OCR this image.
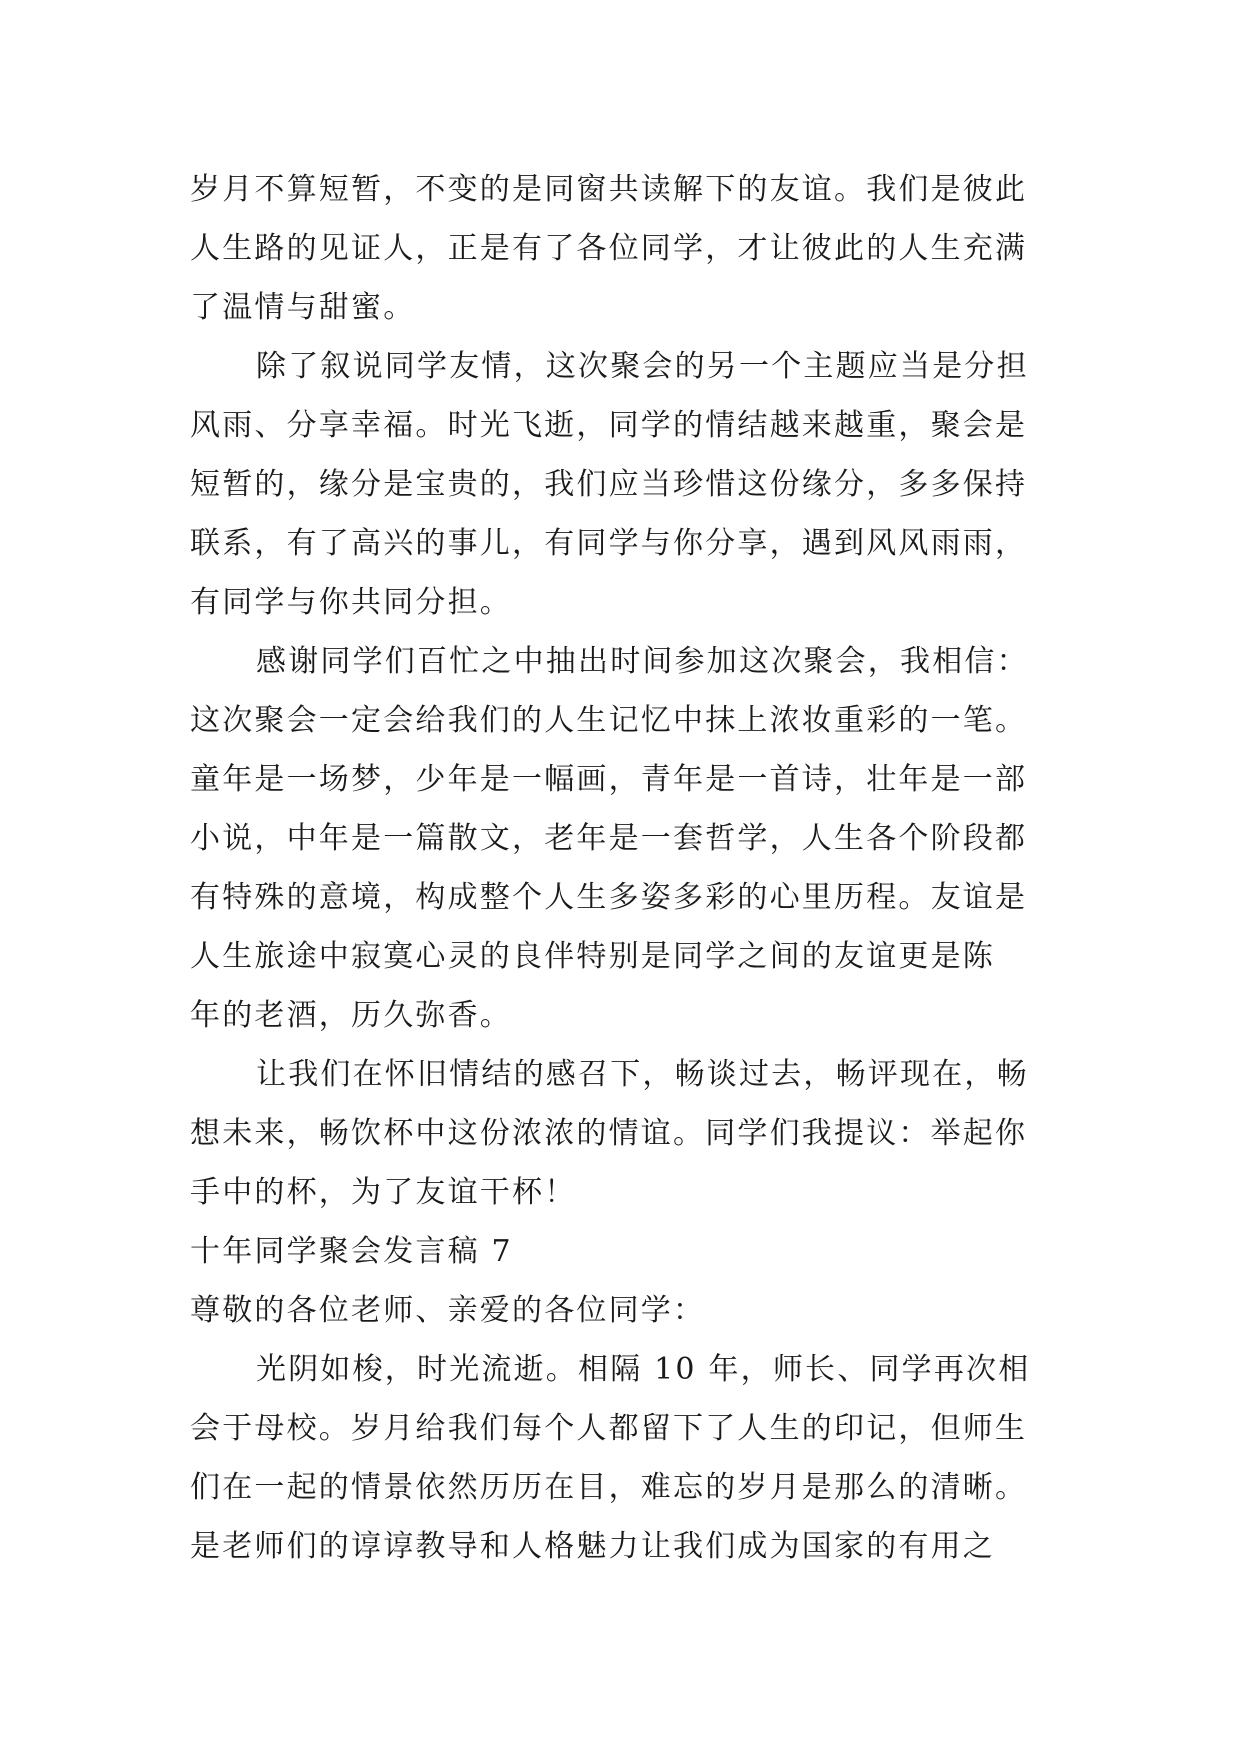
岁月不算短暂，不变的是同窗共读解下的友谊。我们是彼此
人生路的见证人，正是有了各位同学，才让彼此的人生充满
了温情与甜蜜。
除了叙说同学友情，这次聚会的另一个主题应当是分担
风雨、分享幸福。时光飞逝，同学的情结越来越重，聚会是
短暂的，缘分是宝贵的，我们应当珍惜这份缘分，多多保持
联系，有了高兴的事儿，有同学与你分享，遇到风风雨雨，
有同学与你共同分担。
感谢同学们百忙之中抽出时间参加这次聚会，我相信：
这次聚会一定会给我们的人生记忆中抹上浓妆重彩的一笔。
童年是一场梦，少年是一幅画，青年是一首诗，壮年是一部
小说，中年是一篇散文，老年是一套哲学，人生各个阶段都
有特殊的意境，构成整个人生多姿多彩的心里历程。友谊是
人生旅途中寂寞心灵的良伴特别是同学之间的友谊更是陈
年的老酒，历久弥香。
让我们在怀旧情结的感召下，畅谈过去，畅评现在，畅
想未来，畅饮杯中这份浓浓的情谊。同学们我提议：举起你
手中的杯，为了友谊干杯！
十年同学聚会发言稿 7
尊敬的各位老师、亲爱的各位同学：
光阴如梭，时光流逝。相隔 10 年，师长、同学再次相
会于母校。岁月给我们每个人都留下了人生的印记，但师生
们在一起的情景依然历历在目，难忘的岁月是那么的清晰。
是老师们的谆谆教导和人格魅力让我们成为国家的有用之
